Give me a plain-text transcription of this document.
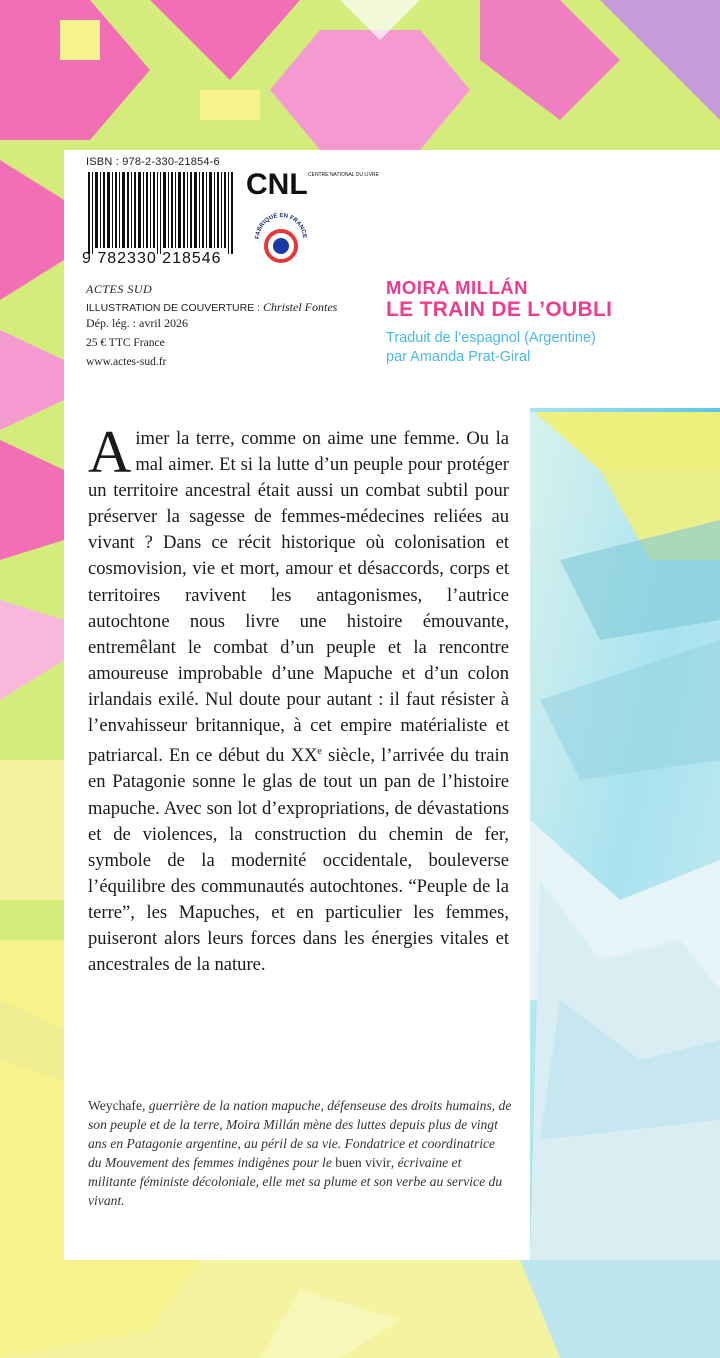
ISBN : 978-2-330-21854-6
9 782330 218546
CNL CENTRE NATIONAL DU LIVRE
FABRIQUÉ EN FRANCE
ACTES SUD
ILLUSTRATION DE COUVERTURE : Christel Fontes
Dép. lég. : avril 2026
25 € TTC France
www.actes-sud.fr
MOIRA MILLÁN
LE TRAIN DE L’OUBLI
Traduit de l’espagnol (Argentine)
par Amanda Prat-Giral

Aimer la terre, comme on aime une femme. Ou la mal aimer. Et si la lutte d’un peuple pour protéger un territoire ancestral était aussi un combat subtil pour préserver la sagesse de femmes-médecines reliées au vivant ? Dans ce récit historique où colonisation et cosmovision, vie et mort, amour et désaccords, corps et territoires ravivent les antagonismes, l’autrice autochtone nous livre une histoire émouvante, entremêlant le combat d’un peuple et la rencontre amoureuse improbable d’une Mapuche et d’un colon irlandais exilé. Nul doute pour autant : il faut résister à l’envahisseur britannique, à cet empire matérialiste et patriarcal. En ce début du XXe siècle, l’arrivée du train en Patagonie sonne le glas de tout un pan de l’histoire mapuche. Avec son lot d’expropriations, de dévastations et de violences, la construction du chemin de fer, symbole de la modernité occidentale, bouleverse l’équilibre des communautés autochtones. “Peuple de la terre”, les Mapuches, et en particulier les femmes, puiseront alors leurs forces dans les énergies vitales et ancestrales de la nature.

Weychafe, guerrière de la nation mapuche, défenseuse des droits humains, de son peuple et de la terre, Moira Millán mène des luttes depuis plus de vingt ans en Patagonie argentine, au péril de sa vie. Fondatrice et coordinatrice du Mouvement des femmes indigènes pour le buen vivir, écrivaine et militante féministe décoloniale, elle met sa plume et son verbe au service du vivant.
